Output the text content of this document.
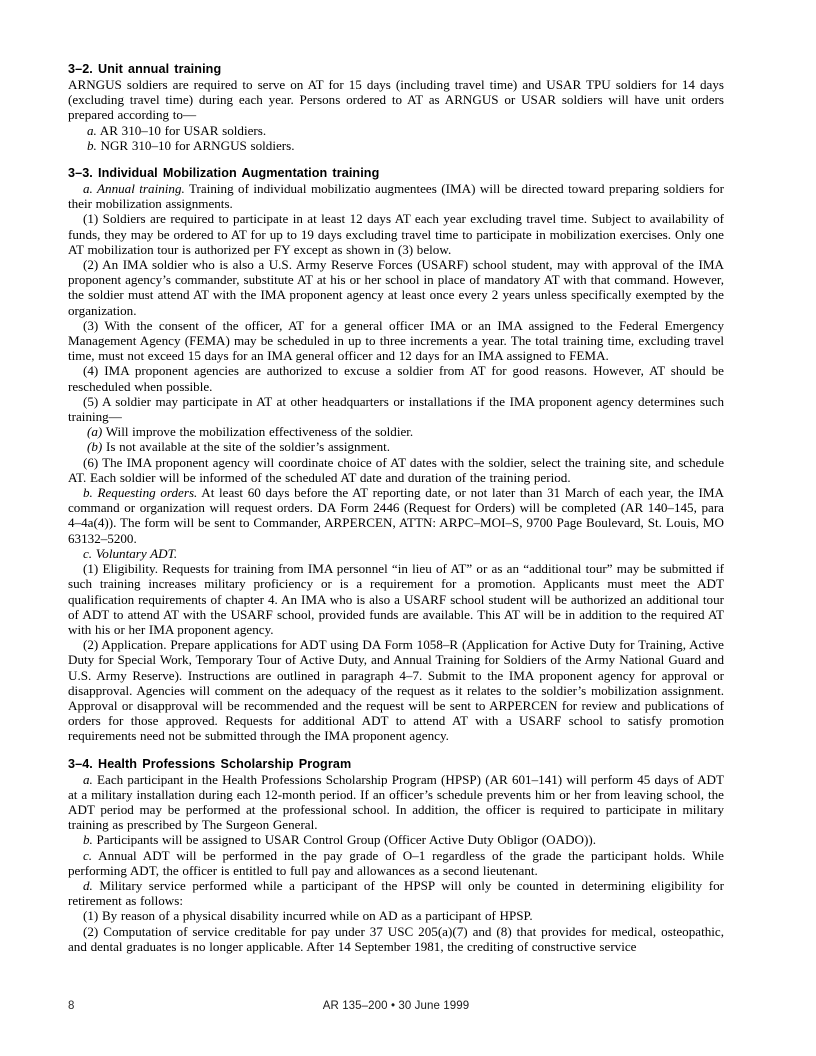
3–2. Unit annual training

ARNGUS soldiers are required to serve on AT for 15 days (including travel time) and USAR TPU soldiers for 14 days (excluding travel time) during each year. Persons ordered to AT as ARNGUS or USAR soldiers will have unit orders prepared according to—

a. AR 310–10 for USAR soldiers.

b. NGR 310–10 for ARNGUS soldiers.

3–3. Individual Mobilization Augmentation training

a. Annual training. Training of individual mobilizatio augmentees (IMA) will be directed toward preparing soldiers for their mobilization assignments.

(1) Soldiers are required to participate in at least 12 days AT each year excluding travel time. Subject to availability of funds, they may be ordered to AT for up to 19 days excluding travel time to participate in mobilization exercises. Only one AT mobilization tour is authorized per FY except as shown in (3) below.

(2) An IMA soldier who is also a U.S. Army Reserve Forces (USARF) school student, may with approval of the IMA proponent agency’s commander, substitute AT at his or her school in place of mandatory AT with that command. However, the soldier must attend AT with the IMA proponent agency at least once every 2 years unless specifically exempted by the organization.

(3) With the consent of the officer, AT for a general officer IMA or an IMA assigned to the Federal Emergency Management Agency (FEMA) may be scheduled in up to three increments a year. The total training time, excluding travel time, must not exceed 15 days for an IMA general officer and 12 days for an IMA assigned to FEMA.

(4) IMA proponent agencies are authorized to excuse a soldier from AT for good reasons. However, AT should be rescheduled when possible.

(5) A soldier may participate in AT at other headquarters or installations if the IMA proponent agency determines such training—

(a) Will improve the mobilization effectiveness of the soldier.

(b) Is not available at the site of the soldier’s assignment.

(6) The IMA proponent agency will coordinate choice of AT dates with the soldier, select the training site, and schedule AT. Each soldier will be informed of the scheduled AT date and duration of the training period.

b. Requesting orders. At least 60 days before the AT reporting date, or not later than 31 March of each year, the IMA command or organization will request orders. DA Form 2446 (Request for Orders) will be completed (AR 140–145, para 4–4a(4)). The form will be sent to Commander, ARPERCEN, ATTN: ARPC–MOI–S, 9700 Page Boulevard, St. Louis, MO 63132–5200.

c. Voluntary ADT.

(1) Eligibility. Requests for training from IMA personnel “in lieu of AT” or as an “additional tour” may be submitted if such training increases military proficiency or is a requirement for a promotion. Applicants must meet the ADT qualification requirements of chapter 4. An IMA who is also a USARF school student will be authorized an additional tour of ADT to attend AT with the USARF school, provided funds are available. This AT will be in addition to the required AT with his or her IMA proponent agency.

(2) Application. Prepare applications for ADT using DA Form 1058–R (Application for Active Duty for Training, Active Duty for Special Work, Temporary Tour of Active Duty, and Annual Training for Soldiers of the Army National Guard and U.S. Army Reserve). Instructions are outlined in paragraph 4–7. Submit to the IMA proponent agency for approval or disapproval. Agencies will comment on the adequacy of the request as it relates to the soldier’s mobilization assignment. Approval or disapproval will be recommended and the request will be sent to ARPERCEN for review and publications of orders for those approved. Requests for additional ADT to attend AT with a USARF school to satisfy promotion requirements need not be submitted through the IMA proponent agency.

3–4. Health Professions Scholarship Program

a. Each participant in the Health Professions Scholarship Program (HPSP) (AR 601–141) will perform 45 days of ADT at a military installation during each 12-month period. If an officer’s schedule prevents him or her from leaving school, the ADT period may be performed at the professional school. In addition, the officer is required to participate in military training as prescribed by The Surgeon General.

b. Participants will be assigned to USAR Control Group (Officer Active Duty Obligor (OADO)).

c. Annual ADT will be performed in the pay grade of O–1 regardless of the grade the participant holds. While performing ADT, the officer is entitled to full pay and allowances as a second lieutenant.

d. Military service performed while a participant of the HPSP will only be counted in determining eligibility for retirement as follows:

(1) By reason of a physical disability incurred while on AD as a participant of HPSP.

(2) Computation of service creditable for pay under 37 USC 205(a)(7) and (8) that provides for medical, osteopathic, and dental graduates is no longer applicable. After 14 September 1981, the crediting of constructive service

8	AR 135–200 • 30 June 1999
